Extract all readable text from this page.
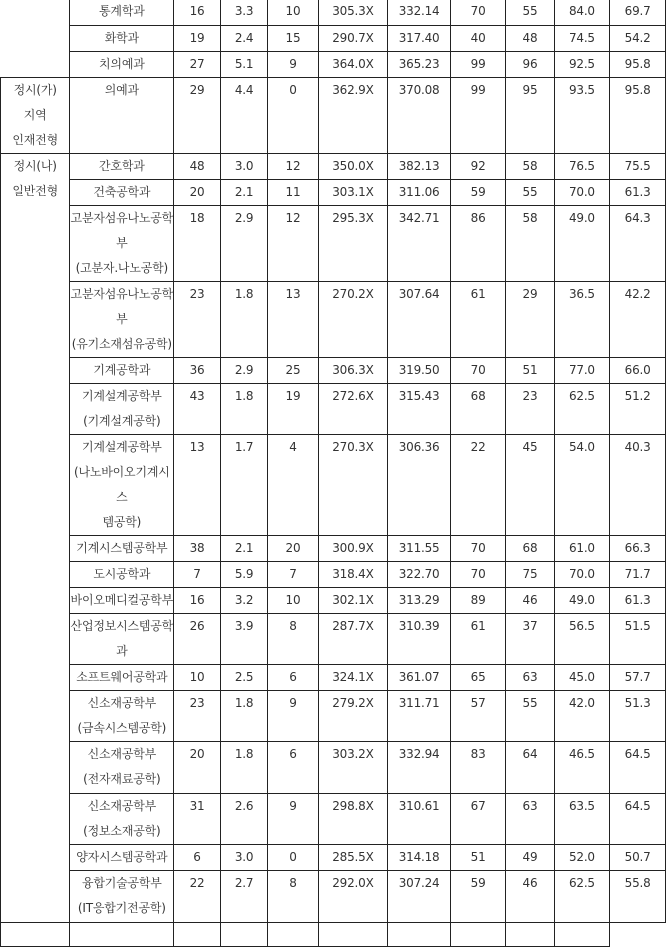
	통계학과	16	3.3	10	305.3X	332.14	70	55	84.0	69.7

	화학과	19	2.4	15	290.7X	317.40	40	48	74.5	54.2

	치의예과	27	5.1	9	364.0X	365.23	99	96	92.5	95.8

정시(가)
지역
인재전형	의예과	29	4.4	0	362.9X	370.08	99	95	93.5	95.8

정시(나)
일반전형	간호학과	48	3.0	12	350.0X	382.13	92	58	76.5	75.5

	건축공학과	20	2.1	11	303.1X	311.06	59	55	70.0	61.3

	고분자섬유나노공학부
(고분자.나노공학)	18	2.9	12	295.3X	342.71	86	58	49.0	64.3

	고분자섬유나노공학부
(유기소재섬유공학)	23	1.8	13	270.2X	307.64	61	29	36.5	42.2

	기계공학과	36	2.9	25	306.3X	319.50	70	51	77.0	66.0

	기계설계공학부
(기계설계공학)	43	1.8	19	272.6X	315.43	68	23	62.5	51.2

	기계설계공학부
(나노바이오기계시스
템공학)	13	1.7	4	270.3X	306.36	22	45	54.0	40.3

	기계시스템공학부	38	2.1	20	300.9X	311.55	70	68	61.0	66.3

	도시공학과	7	5.9	7	318.4X	322.70	70	75	70.0	71.7

	바이오메디컬공학부	16	3.2	10	302.1X	313.29	89	46	49.0	61.3

	산업정보시스템공학
과	26	3.9	8	287.7X	310.39	61	37	56.5	51.5

	소프트웨어공학과	10	2.5	6	324.1X	361.07	65	63	45.0	57.7

	신소재공학부
(금속시스템공학)	23	1.8	9	279.2X	311.71	57	55	42.0	51.3

	신소재공학부
(전자재료공학)	20	1.8	6	303.2X	332.94	83	64	46.5	64.5

	신소재공학부
(정보소재공학)	31	2.6	9	298.8X	310.61	67	63	63.5	64.5

	양자시스템공학과	6	3.0	0	285.5X	314.18	51	49	52.0	50.7

	융합기술공학부
(IT응합기전공학)	22	2.7	8	292.0X	307.24	59	46	62.5	55.8
